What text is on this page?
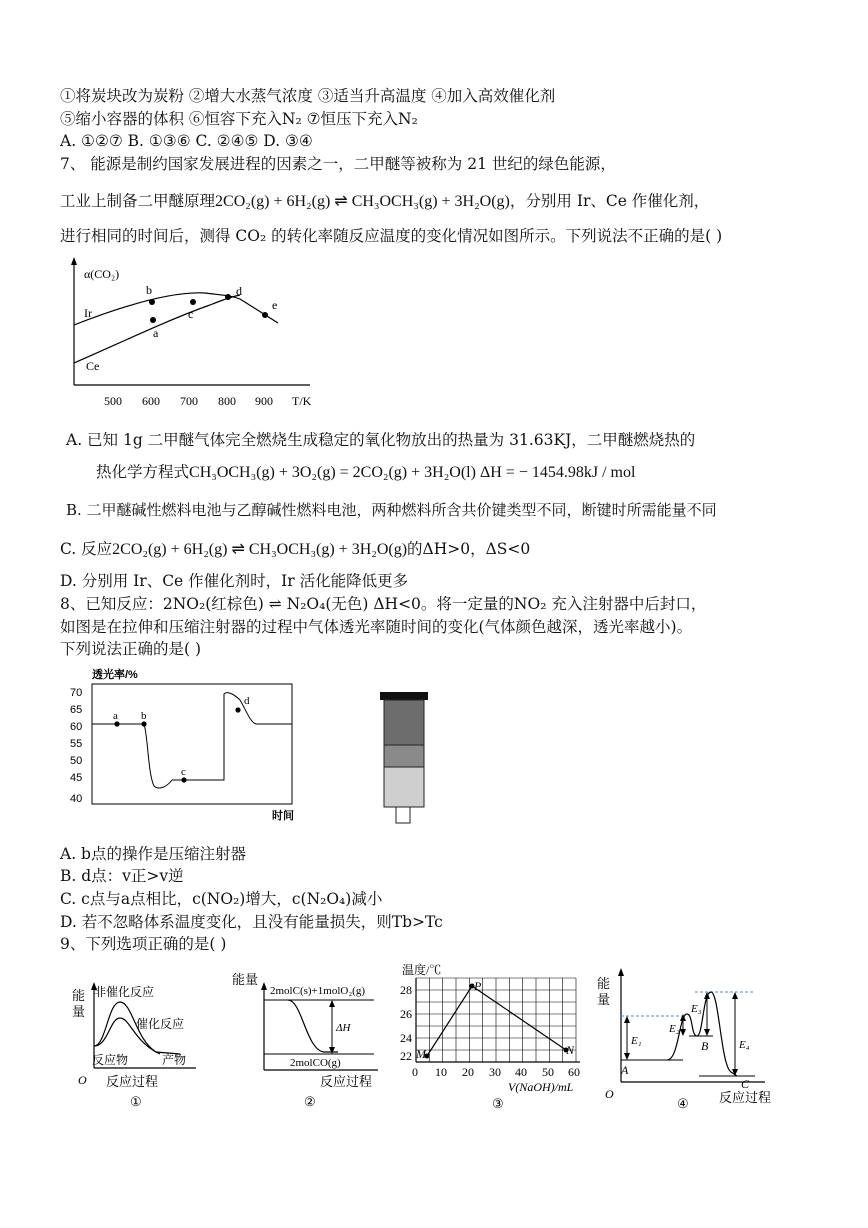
①将炭块改为炭粉 ②增大水蒸气浓度 ③适当升高温度 ④加入高效催化剂
⑤缩小容器的体积 ⑥恒容下充入N₂ ⑦恒压下充入N₂
A. ①②⑦ B. ①③⑥ C. ②④⑤ D. ③④
7、 能源是制约国家发展进程的因素之一，二甲醚等被称为 21 世纪的绿色能源，
工业上制备二甲醚原理2CO₂(g) + 6H₂(g) ⇌ CH₃OCH₃(g) + 3H₂O(g)，分别用 Ir、Ce 作催化剂，
进行相同的时间后，测得 CO₂ 的转化率随反应温度的变化情况如图所示。下列说法不正确的是( )
α(CO₂)
T/K
500 600 700 800 900
Ir
Ce
b
a
c
d
e
A. 已知 1g 二甲醚气体完全燃烧生成稳定的氧化物放出的热量为 31.63KJ，二甲醚燃烧热的
热化学方程式CH₃OCH₃(g) + 3O₂(g) = 2CO₂(g) + 3H₂O(l) ΔH = − 1454.98kJ / mol
B. 二甲醚碱性燃料电池与乙醇碱性燃料电池，两种燃料所含共价键类型不同，断键时所需能量不同
C. 反应2CO₂(g) + 6H₂(g) ⇌ CH₃OCH₃(g) + 3H₂O(g)的ΔH>0，ΔS<0
D. 分别用 Ir、Ce 作催化剂时，Ir 活化能降低更多
8、已知反应：2NO₂(红棕色) ⇌ N₂O₄(无色) ΔH<0。将一定量的NO₂ 充入注射器中后封口，
如图是在拉伸和压缩注射器的过程中气体透光率随时间的变化(气体颜色越深，透光率越小)。
下列说法正确的是( )
透光率/%
70
65
60
55
50
45
40
时间
a b
c
d
A. b点的操作是压缩注射器
B. d点：v正>v逆
C. c点与a点相比，c(NO₂)增大，c(N₂O₄)减小
D. 若不忽略体系温度变化，且没有能量损失，则Tb>Tc
9、下列选项正确的是( )
能
量
O
非催化反应
催化反应
反应物	产物
反应过程
①
能量
2molC(s)+1molO₂(g)
ΔH
2molCO(g)
反应过程
②
温度/℃
28
26
24
22
0 10 20 30 40 50 60
V(NaOH)/mL
M
P
N
③
能
量
O
E₁
E₂
E₃
E₄
A
B
C
反应过程
④
